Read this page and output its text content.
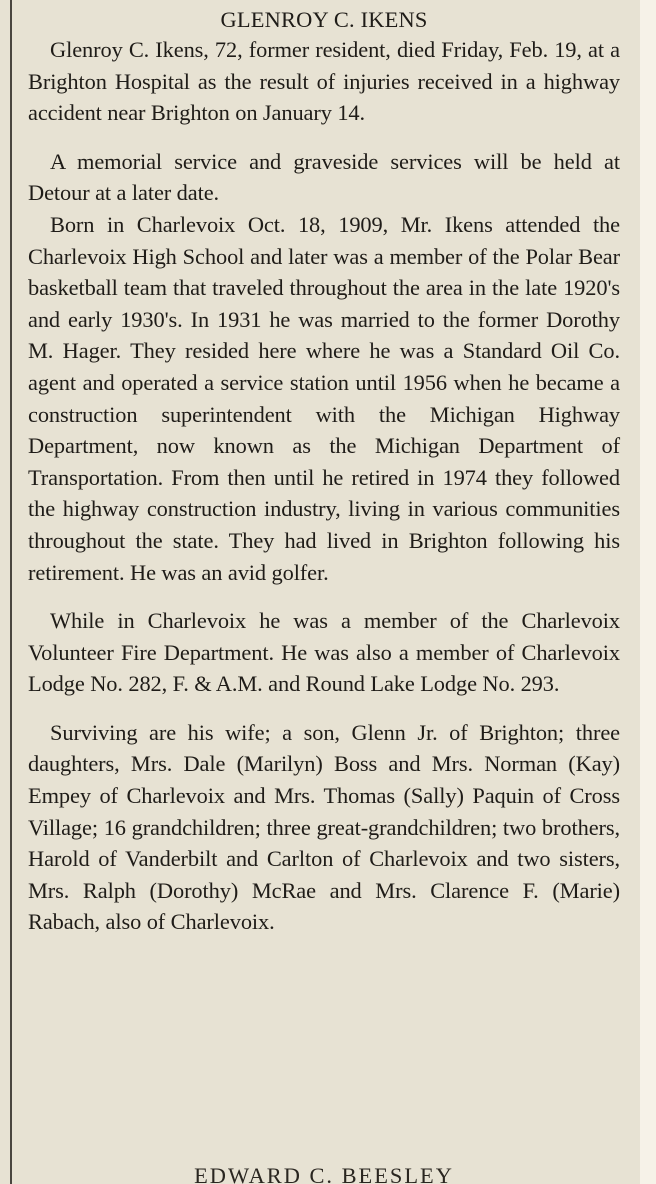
GLENROY C. IKENS

Glenroy C. Ikens, 72, former resident, died Friday, Feb. 19, at a Brighton Hospital as the result of injuries received in a highway accident near Brighton on January 14.

A memorial service and graveside services will be held at Detour at a later date.

Born in Charlevoix Oct. 18, 1909, Mr. Ikens attended the Charlevoix High School and later was a member of the Polar Bear basketball team that traveled throughout the area in the late 1920's and early 1930's. In 1931 he was married to the former Dorothy M. Hager. They resided here where he was a Standard Oil Co. agent and operated a service station until 1956 when he became a construction superintendent with the Michigan Highway Department, now known as the Michigan Department of Transportation. From then until he retired in 1974 they followed the highway construction industry, living in various communities throughout the state. They had lived in Brighton following his retirement. He was an avid golfer.

While in Charlevoix he was a member of the Charlevoix Volunteer Fire Department. He was also a member of Charlevoix Lodge No. 282, F. & A.M. and Round Lake Lodge No. 293.

Surviving are his wife; a son, Glenn Jr. of Brighton; three daughters, Mrs. Dale (Marilyn) Boss and Mrs. Norman (Kay) Empey of Charlevoix and Mrs. Thomas (Sally) Paquin of Cross Village; 16 grandchildren; three great-grandchildren; two brothers, Harold of Vanderbilt and Carlton of Charlevoix and two sisters, Mrs. Ralph (Dorothy) McRae and Mrs. Clarence F. (Marie) Rabach, also of Charlevoix.

EDWARD C. BEESLEY
